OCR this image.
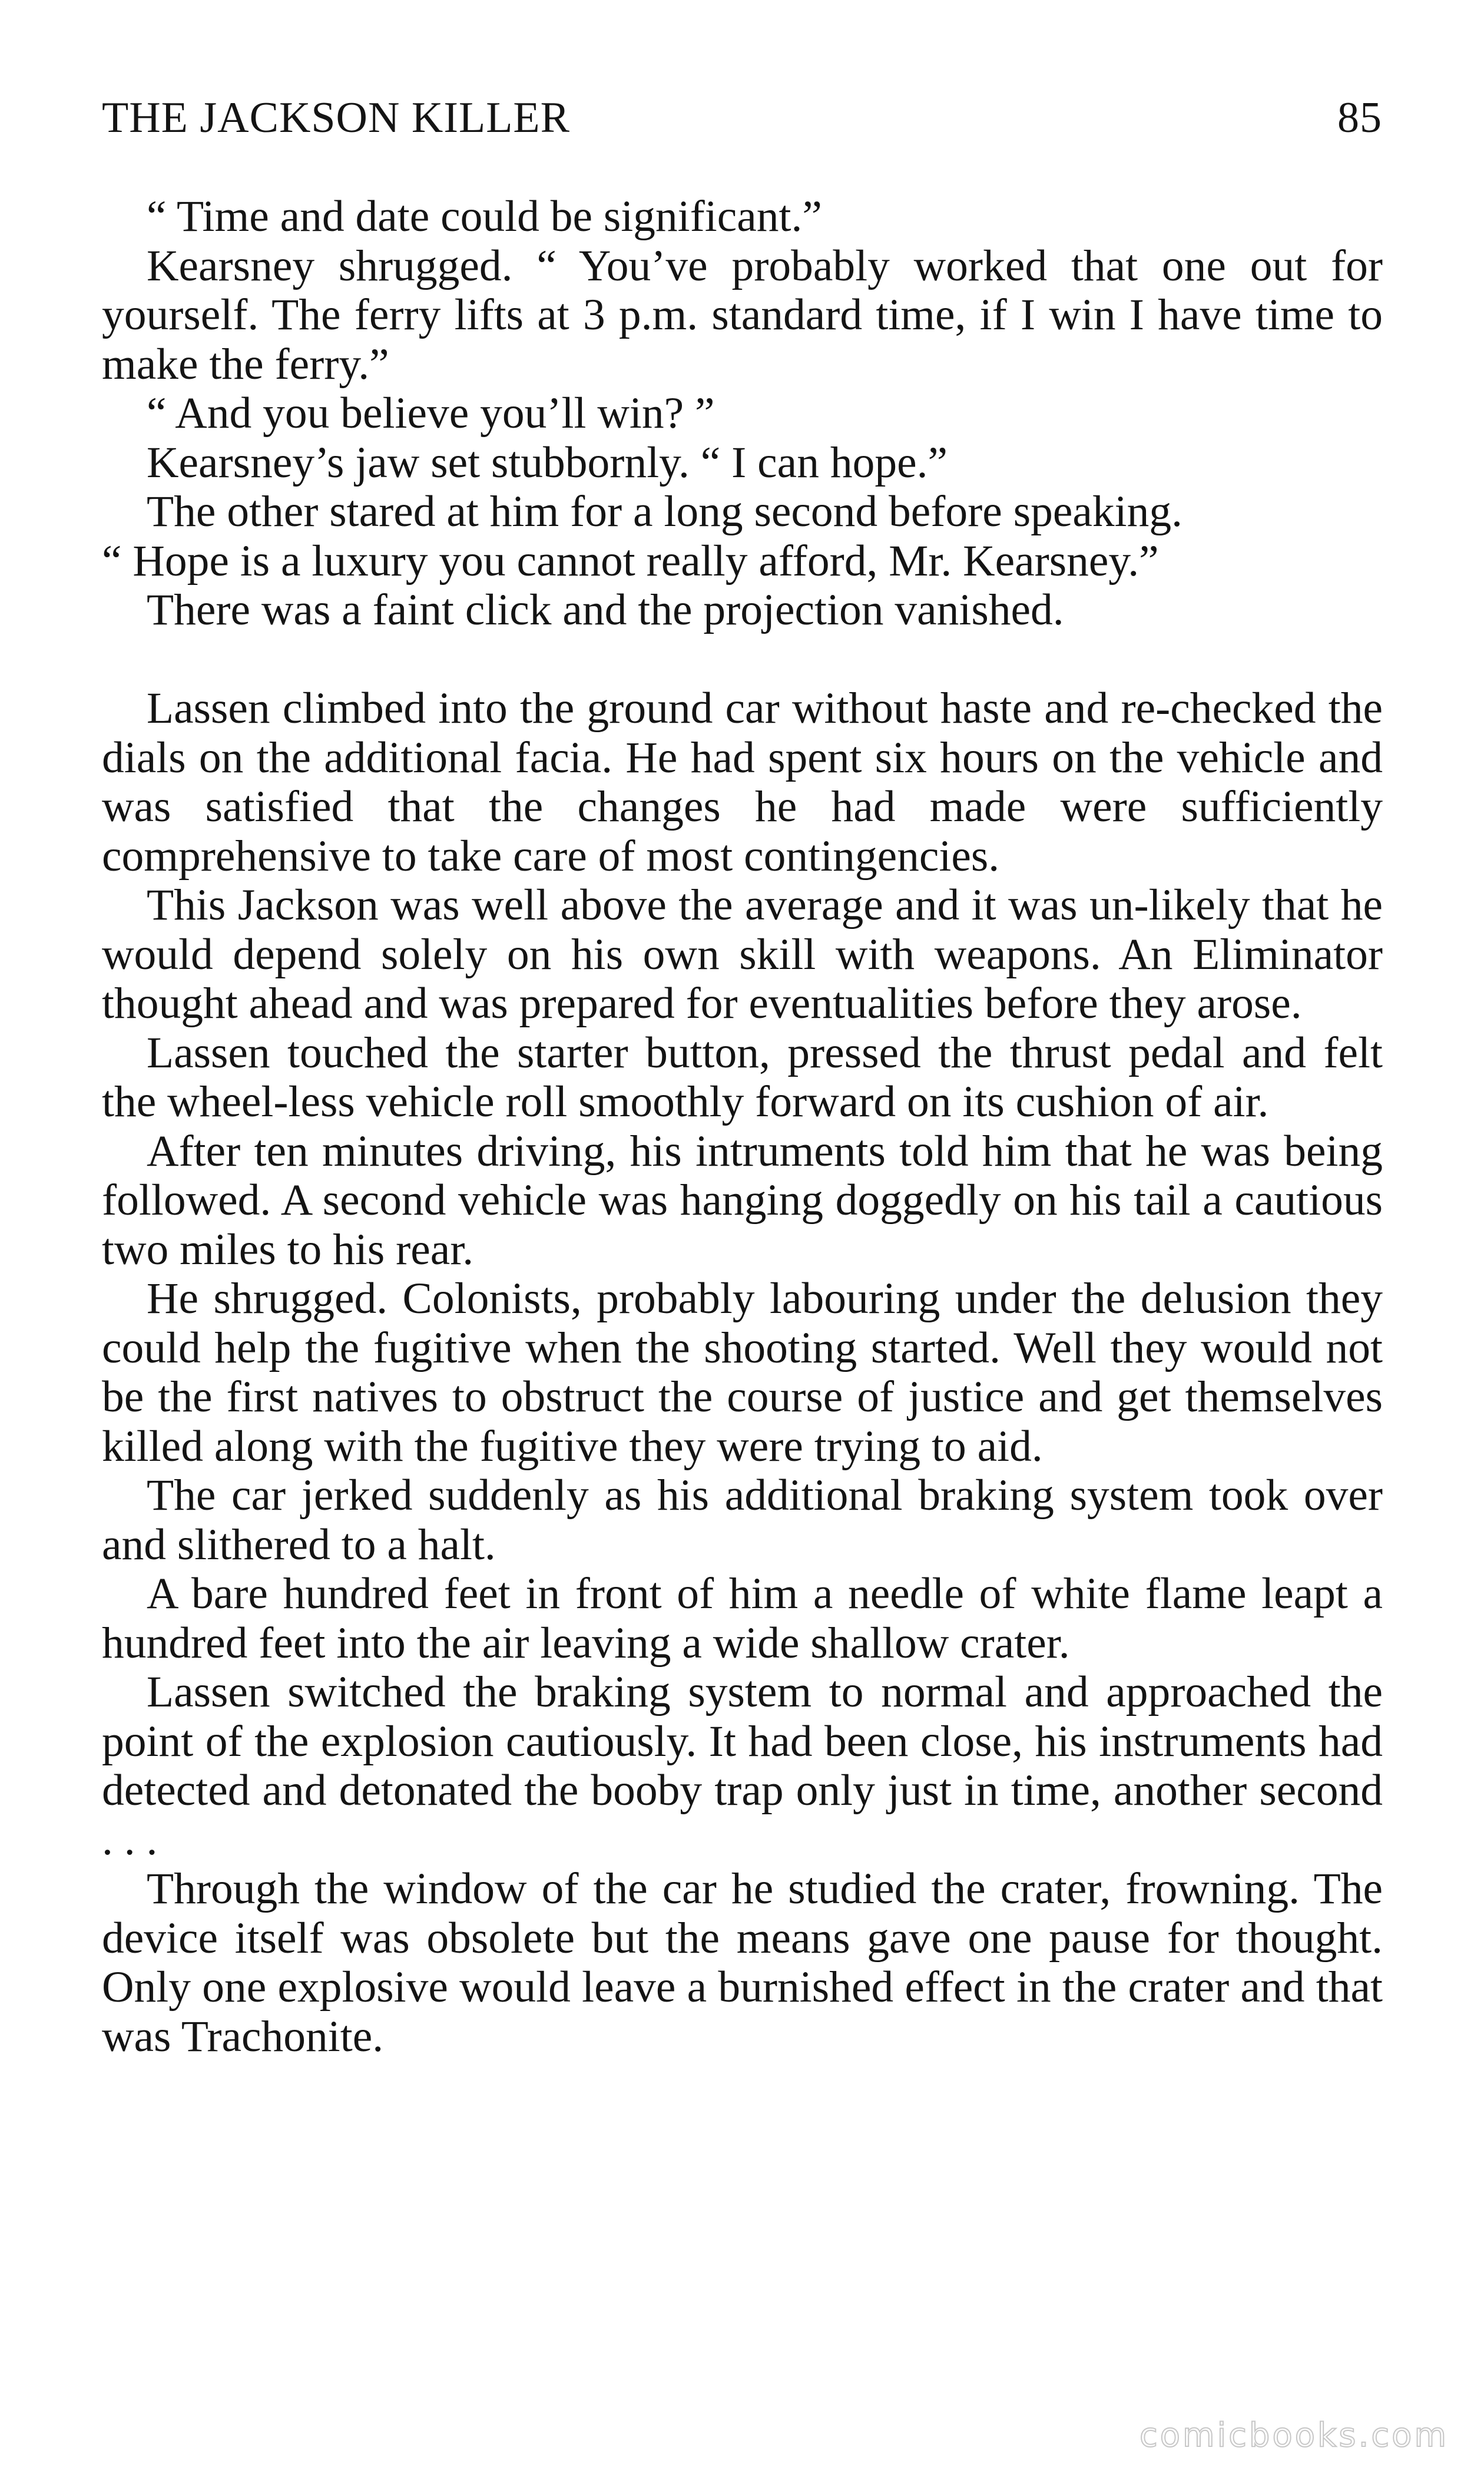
THE JACKSON KILLER	85

“ Time and date could be significant.”

Kearsney shrugged. “ You’ve probably worked that one out for yourself. The ferry lifts at 3 p.m. standard time, if I win I have time to make the ferry.”

“ And you believe you’ll win? ”

Kearsney’s jaw set stubbornly. “ I can hope.”

The other stared at him for a long second before speaking.

“ Hope is a luxury you cannot really afford, Mr. Kearsney.”

There was a faint click and the projection vanished.

Lassen climbed into the ground car without haste and re-checked the dials on the additional facia. He had spent six hours on the vehicle and was satisfied that the changes he had made were sufficiently comprehensive to take care of most contingencies.

This Jackson was well above the average and it was un-likely that he would depend solely on his own skill with weapons. An Eliminator thought ahead and was prepared for eventualities before they arose.

Lassen touched the starter button, pressed the thrust pedal and felt the wheel-less vehicle roll smoothly forward on its cushion of air.

After ten minutes driving, his intruments told him that he was being followed. A second vehicle was hanging doggedly on his tail a cautious two miles to his rear.

He shrugged. Colonists, probably labouring under the delusion they could help the fugitive when the shooting started. Well they would not be the first natives to obstruct the course of justice and get themselves killed along with the fugitive they were trying to aid.

The car jerked suddenly as his additional braking system took over and slithered to a halt.

A bare hundred feet in front of him a needle of white flame leapt a hundred feet into the air leaving a wide shallow crater.

Lassen switched the braking system to normal and approached the point of the explosion cautiously. It had been close, his instruments had detected and detonated the booby trap only just in time, another second . . .

Through the window of the car he studied the crater, frowning. The device itself was obsolete but the means gave one pause for thought. Only one explosive would leave a burnished effect in the crater and that was Trachonite.

comicbooks.com
